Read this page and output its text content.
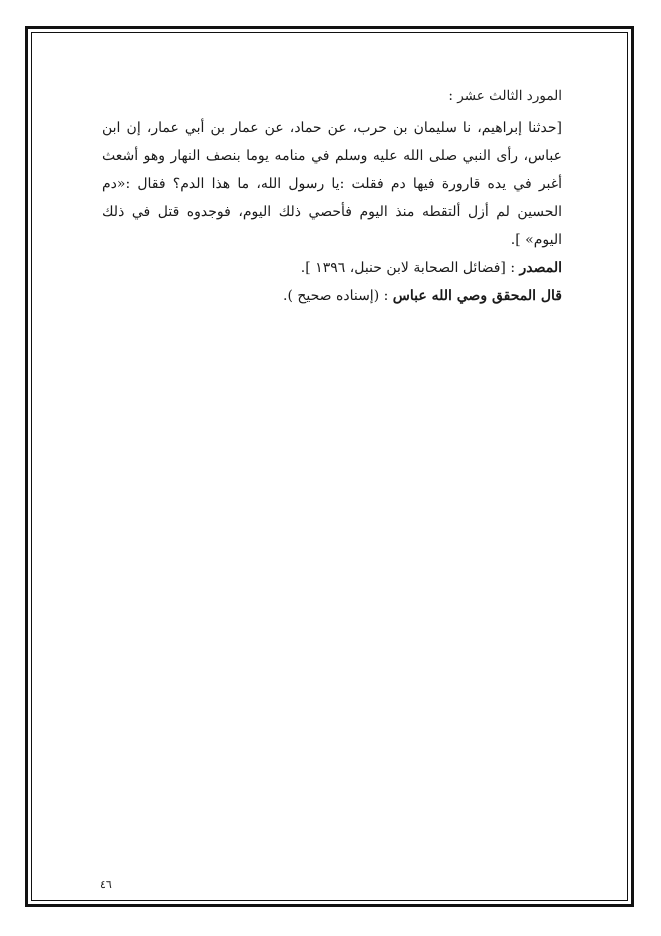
المورد الثالث عشر :

[حدثنا إبراهيم، نا سليمان بن حرب، عن حماد، عن عمار بن أبي عمار، إن ابن عباس، رأى النبي صلى الله عليه وسلم في منامه يوما بنصف النهار وهو أشعث أغبر في يده قارورة فيها دم فقلت :يا رسول الله، ما هذا الدم؟ فقال :«دم الحسين لم أزل ألتقطه منذ اليوم فأحصي ذلك اليوم، فوجدوه قتل في ذلك اليوم» ].

المصدر : [فضائل الصحابة لابن حنبل، ١٣٩٦ ].

قال المحقق وصي الله عباس : (إسناده صحيح ).

٤٦
